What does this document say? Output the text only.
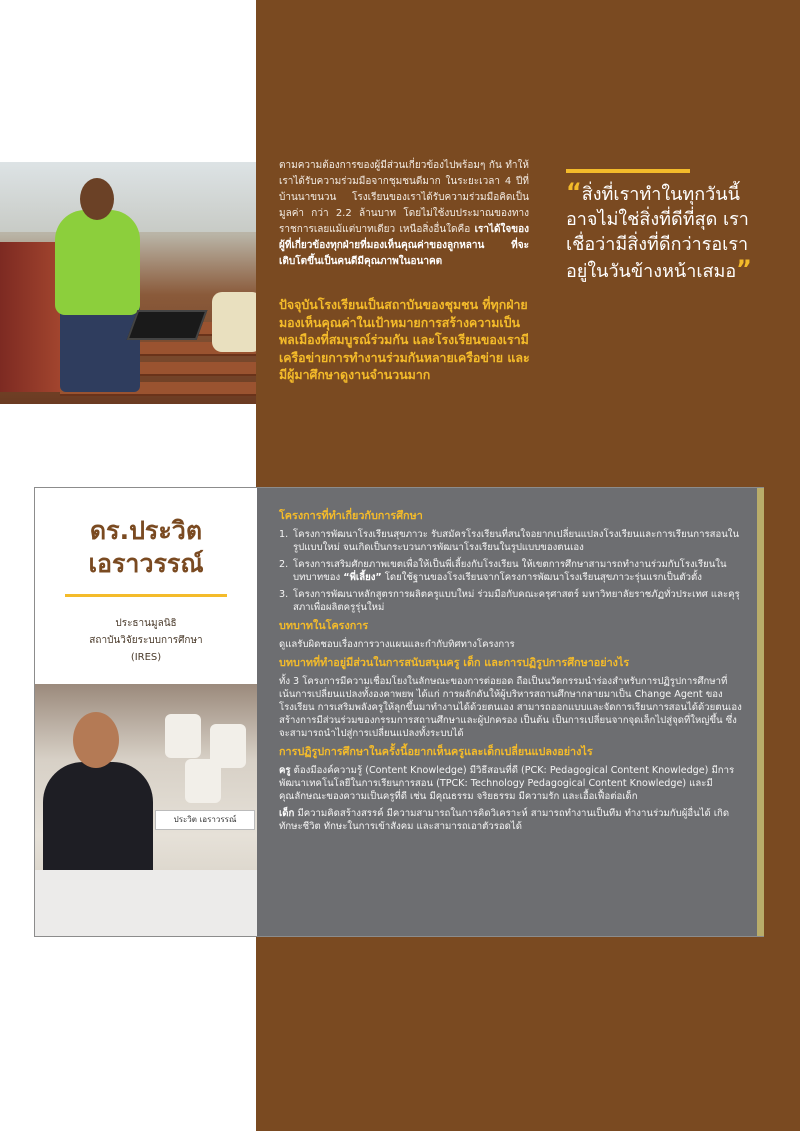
ตามความต้องการของผู้มีส่วนเกี่ยวข้องไปพร้อมๆ กัน ทำให้เราได้รับความร่วมมือจากชุมชนดีมาก ในระยะเวลา 4 ปีที่บ้านนาขนวน โรงเรียนของเราได้รับความร่วมมือคิดเป็นมูลค่า กว่า 2.2 ล้านบาท โดยไม่ใช้งบประมาณของทางราชการเลยแม้แต่บาทเดียว เหนือสิ่งอื่นใดคือ เราได้ใจของผู้ที่เกี่ยวข้องทุกฝ่ายที่มองเห็นคุณค่าของลูกหลาน ที่จะเติบโตขึ้นเป็นคนดีมีคุณภาพในอนาคต
ปัจจุบันโรงเรียนเป็นสถาบันของชุมชน ที่ทุกฝ่ายมองเห็นคุณค่าในเป้าหมายการสร้างความเป็นพลเมืองที่สมบูรณ์ร่วมกัน และโรงเรียนของเรามีเครือข่ายการทำงานร่วมกันหลายเครือข่าย และมีผู้มาศึกษาดูงานจำนวนมาก
“สิ่งที่เราทำในทุกวันนี้ อาจไม่ใช่สิ่งที่ดีที่สุด เราเชื่อว่ามีสิ่งที่ดีกว่ารอเราอยู่ในวันข้างหน้าเสมอ”
ดร.ประวิต
เอราวรรณ์
ประธานมูลนิธิ
สถาบันวิจัยระบบการศึกษา
(IRES)
ประวิต เอราวรรณ์
โครงการที่ทำเกี่ยวกับการศึกษา
1. โครงการพัฒนาโรงเรียนสุขภาวะ รับสมัครโรงเรียนที่สนใจอยากเปลี่ยนแปลงโรงเรียนและการเรียนการสอนในรูปแบบใหม่ จนเกิดเป็นกระบวนการพัฒนาโรงเรียนในรูปแบบของตนเอง
2. โครงการเสริมศักยภาพเขตเพื่อให้เป็นพี่เลี้ยงกับโรงเรียน ให้เขตการศึกษาสามารถทำงานร่วมกับโรงเรียนในบทบาทของ “พี่เลี้ยง” โดยใช้ฐานของโรงเรียนจากโครงการพัฒนาโรงเรียนสุขภาวะรุ่นแรกเป็นตัวตั้ง
3. โครงการพัฒนาหลักสูตรการผลิตครูแบบใหม่ ร่วมมือกับคณะครุศาสตร์ มหาวิทยาลัยราชภัฏทั่วประเทศ และคุรุสภาเพื่อผลิตครูรุ่นใหม่
บทบาทในโครงการ

ดูแลรับผิดชอบเรื่องการวางแผนและกำกับทิศทางโครงการ

บทบาทที่ทำอยู่มีส่วนในการสนับสนุนครู เด็ก และการปฏิรูปการศึกษาอย่างไร

ทั้ง 3 โครงการมีความเชื่อมโยงในลักษณะของการต่อยอด ถือเป็นนวัตกรรมนำร่องสำหรับการปฏิรูปการศึกษาที่เน้นการเปลี่ยนแปลงทั้งองคาพยพ ได้แก่ การผลักดันให้ผู้บริหารสถานศึกษากลายมาเป็น Change Agent ของโรงเรียน การเสริมพลังครูให้ลุกขึ้นมาทำงานได้ด้วยตนเอง สามารถออกแบบและจัดการเรียนการสอนได้ด้วยตนเอง สร้างการมีส่วนร่วมของกรรมการสถานศึกษาและผู้ปกครอง เป็นต้น เป็นการเปลี่ยนจากจุดเล็กไปสู่จุดที่ใหญ่ขึ้น ซึ่งจะสามารถนำไปสู่การเปลี่ยนแปลงทั้งระบบได้

การปฏิรูปการศึกษาในครั้งนี้อยากเห็นครูและเด็กเปลี่ยนแปลงอย่างไร

ครู ต้องมีองค์ความรู้ (Content Knowledge) มีวิธีสอนที่ดี (PCK: Pedagogical Content Knowledge) มีการพัฒนาเทคโนโลยีในการเรียนการสอน (TPCK: Technology Pedagogical Content Knowledge) และมีคุณลักษณะของความเป็นครูที่ดี เช่น มีคุณธรรม จริยธรรม มีความรัก และเอื้อเฟื้อต่อเด็ก

เด็ก มีความคิดสร้างสรรค์ มีความสามารถในการคิดวิเคราะห์ สามารถทำงานเป็นทีม ทำงานร่วมกับผู้อื่นได้ เกิดทักษะชีวิต ทักษะในการเข้าสังคม และสามารถเอาตัวรอดได้
